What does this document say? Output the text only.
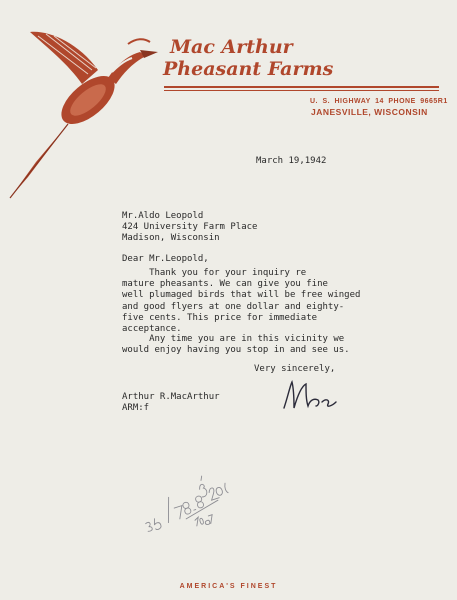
Mac Arthur
Pheasant Farms
U. S. HIGHWAY 14 PHONE 9665R1
JANESVILLE, WISCONSIN
March 19,1942
Mr.Aldo Leopold
424 University Farm Place
Madison, Wisconsin
Dear Mr.Leopold,
Thank you for your inquiry re
mature pheasants. We can give you fine
well plumaged birds that will be free winged
and good flyers at one dollar and eighty-
five cents. This price for immediate
acceptance.
Any time you are in this vicinity we
would enjoy having you stop in and see us.
Very sincerely,
Arthur R.MacArthur
ARM:f
AMERICA'S FINEST
